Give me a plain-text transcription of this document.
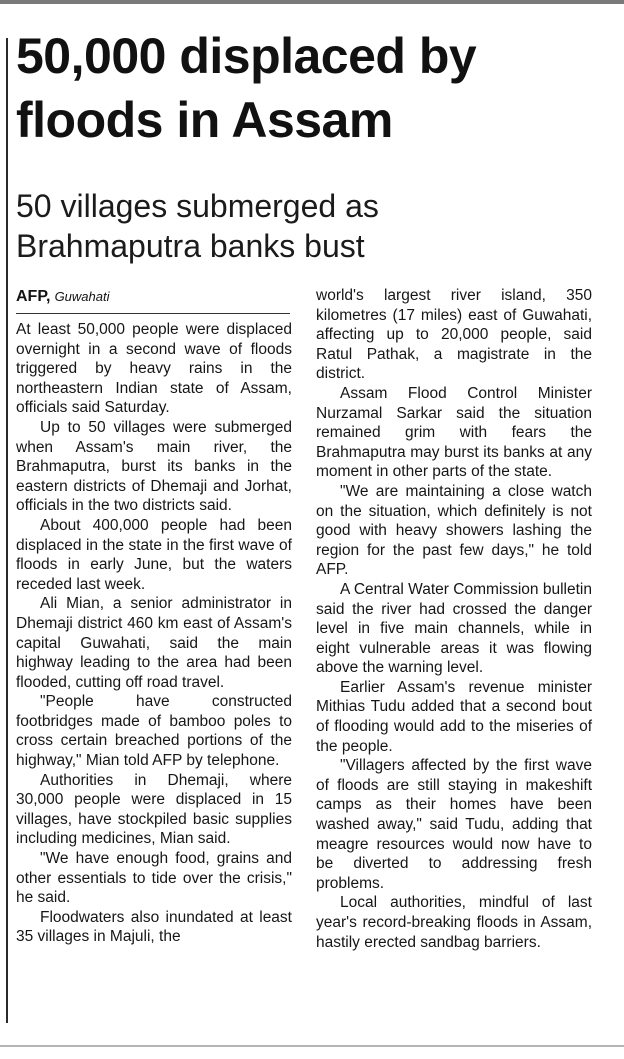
50,000 displaced by floods in Assam
50 villages submerged as
Brahmaputra banks bust
AFP, Guwahati

At least 50,000 people were displaced overnight in a second wave of floods triggered by heavy rains in the northeastern Indian state of Assam, officials said Saturday.

Up to 50 villages were submerged when Assam's main river, the Brahmaputra, burst its banks in the eastern districts of Dhemaji and Jorhat, officials in the two districts said.

About 400,000 people had been displaced in the state in the first wave of floods in early June, but the waters receded last week.

Ali Mian, a senior administrator in Dhemaji district 460 km east of Assam's capital Guwahati, said the main highway leading to the area had been flooded, cutting off road travel.

"People have constructed footbridges made of bamboo poles to cross certain breached portions of the highway," Mian told AFP by telephone.

Authorities in Dhemaji, where 30,000 people were displaced in 15 villages, have stockpiled basic supplies including medicines, Mian said.

"We have enough food, grains and other essentials to tide over the crisis," he said.

Floodwaters also inundated at least 35 villages in Majuli, the

world's largest river island, 350 kilometres (17 miles) east of Guwahati, affecting up to 20,000 people, said Ratul Pathak, a magistrate in the district.

Assam Flood Control Minister Nurzamal Sarkar said the situation remained grim with fears the Brahmaputra may burst its banks at any moment in other parts of the state.

"We are maintaining a close watch on the situation, which definitely is not good with heavy showers lashing the region for the past few days," he told AFP.

A Central Water Commission bulletin said the river had crossed the danger level in five main channels, while in eight vulnerable areas it was flowing above the warning level.

Earlier Assam's revenue minister Mithias Tudu added that a second bout of flooding would add to the miseries of the people.

"Villagers affected by the first wave of floods are still staying in makeshift camps as their homes have been washed away," said Tudu, adding that meagre resources would now have to be diverted to addressing fresh problems.

Local authorities, mindful of last year's record-breaking floods in Assam, hastily erected sandbag barriers.
